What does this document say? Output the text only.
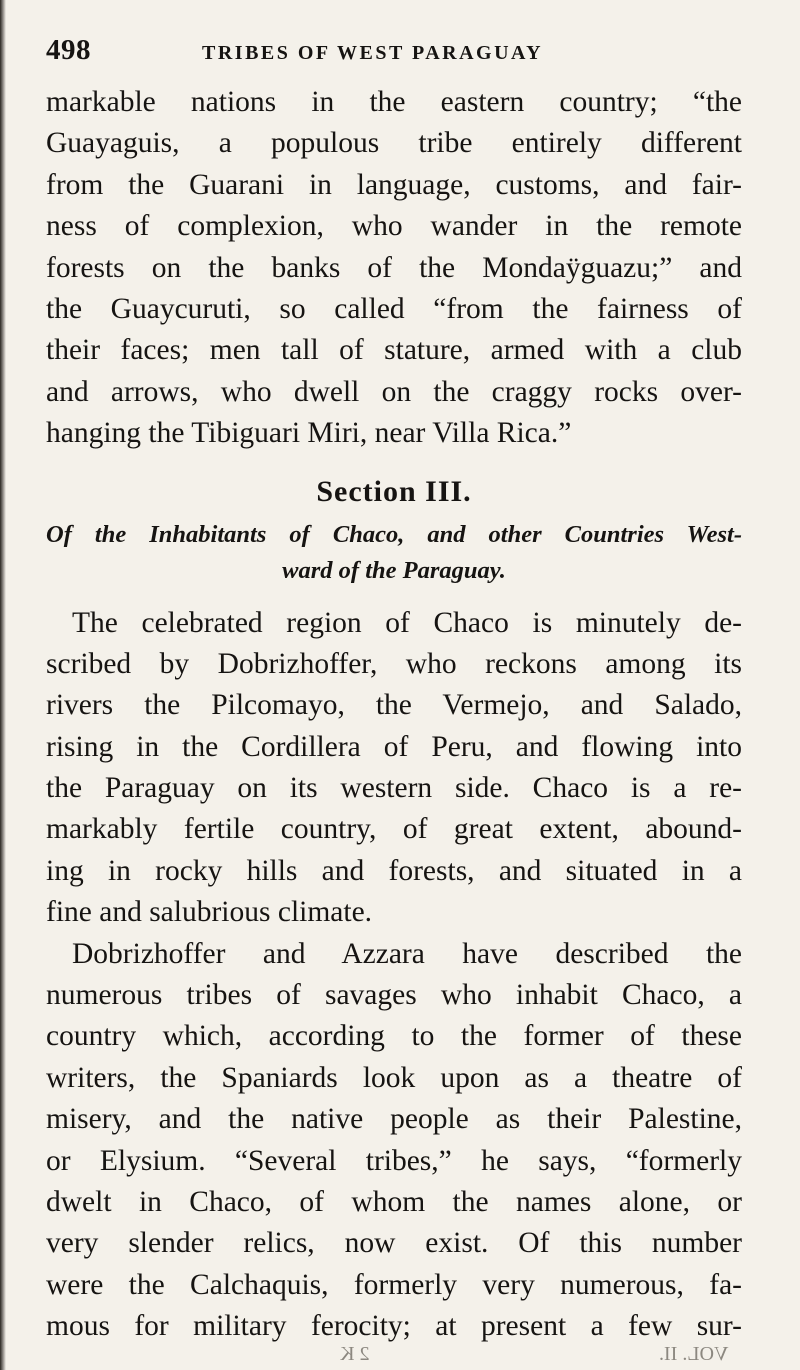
498	TRIBES OF WEST PARAGUAY
markable nations in the eastern country; “the
Guayaguis, a populous tribe entirely different
from the Guarani in language, customs, and fair-
ness of complexion, who wander in the remote
forests on the banks of the Mondaÿguazu;” and
the Guaycuruti, so called “from the fairness of
their faces; men tall of stature, armed with a club
and arrows, who dwell on the craggy rocks over-
hanging the Tibiguari Miri, near Villa Rica.”
Section III.
Of the Inhabitants of Chaco, and other Countries West-
ward of the Paraguay.
The celebrated region of Chaco is minutely de-
scribed by Dobrizhoffer, who reckons among its
rivers the Pilcomayo, the Vermejo, and Salado,
rising in the Cordillera of Peru, and flowing into
the Paraguay on its western side. Chaco is a re-
markably fertile country, of great extent, abound-
ing in rocky hills and forests, and situated in a
fine and salubrious climate.
Dobrizhoffer and Azzara have described the
numerous tribes of savages who inhabit Chaco, a
country which, according to the former of these
writers, the Spaniards look upon as a theatre of
misery, and the native people as their Palestine,
or Elysium. “Several tribes,” he says, “formerly
dwelt in Chaco, of whom the names alone, or
very slender relics, now exist. Of this number
were the Calchaquis, formerly very numerous, fa-
mous for military ferocity; at present a few sur-
2 K	VOL. II.
